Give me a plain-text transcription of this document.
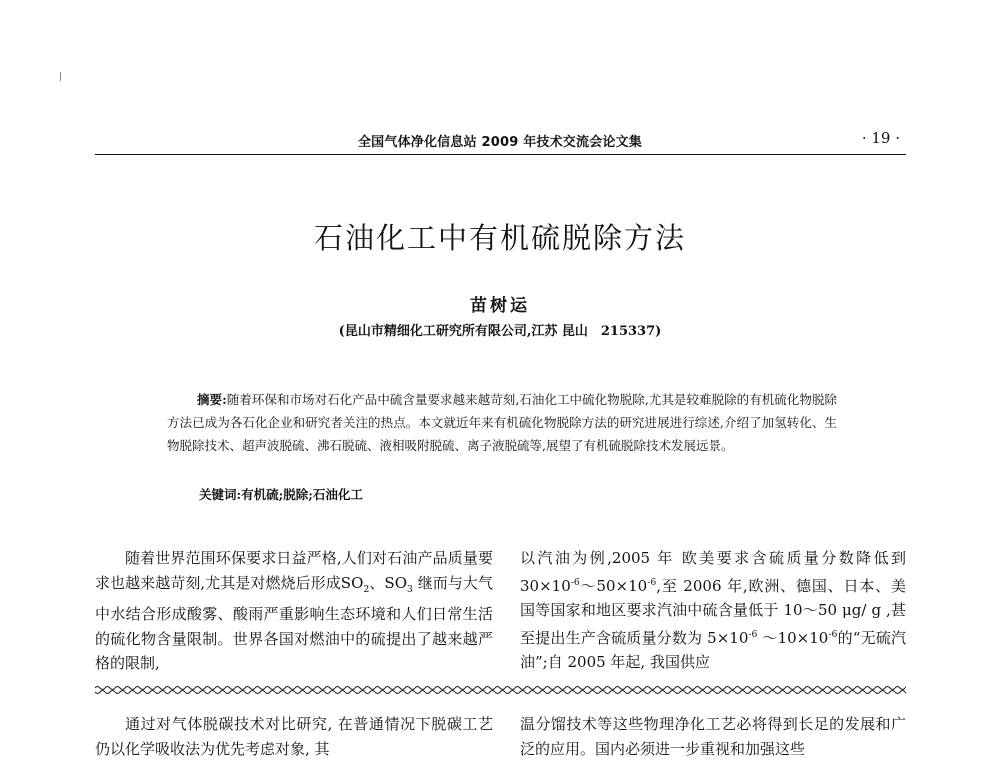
全国气体净化信息站 2009 年技术交流会论文集	· 19 ·
石油化工中有机硫脱除方法
苗树运
(昆山市精细化工研究所有限公司,江苏 昆山　215337)
摘要:随着环保和市场对石化产品中硫含量要求越来越苛刻,石油化工中硫化物脱除,尤其是较难脱除的有机硫化物脱除方法已成为各石化企业和研究者关注的热点。本文就近年来有机硫化物脱除方法的研究进展进行综述,介绍了加氢转化、生物脱除技术、超声波脱硫、沸石脱硫、液相吸附脱硫、离子液脱硫等,展望了有机硫脱除技术发展远景。
关键词:有机硫;脱除;石油化工
随着世界范围环保要求日益严格,人们对石油产品质量要求也越来越苛刻,尤其是对燃烧后形成$SO_2$、$SO_3$ 继而与大气中水结合形成酸雾、酸雨严重影响生态环境和人们日常生活的硫化物含量限制。世界各国对燃油中的硫提出了越来越严格的限制,
以汽油为例,2005 年 欧美要求含硫质量分数降低到 $30\times 10^{-6}\sim 50\times 10^{-6}$,至 2006 年,欧洲、德国、日本、美国等国家和地区要求汽油中硫含量低于 10～50 μg/ g ,甚至提出生产含硫质量分数为 $5\times 10^{-6}$ $\sim 10\times 10^{-6}$的“无硫汽油”;自 2005 年起, 我国供应
通过对气体脱碳技术对比研究, 在普通情况下脱碳工艺仍以化学吸收法为优先考虑对象, 其
温分馏技术等这些物理净化工艺必将得到长足的发展和广泛的应用。国内必须进一步重视和加强这些
